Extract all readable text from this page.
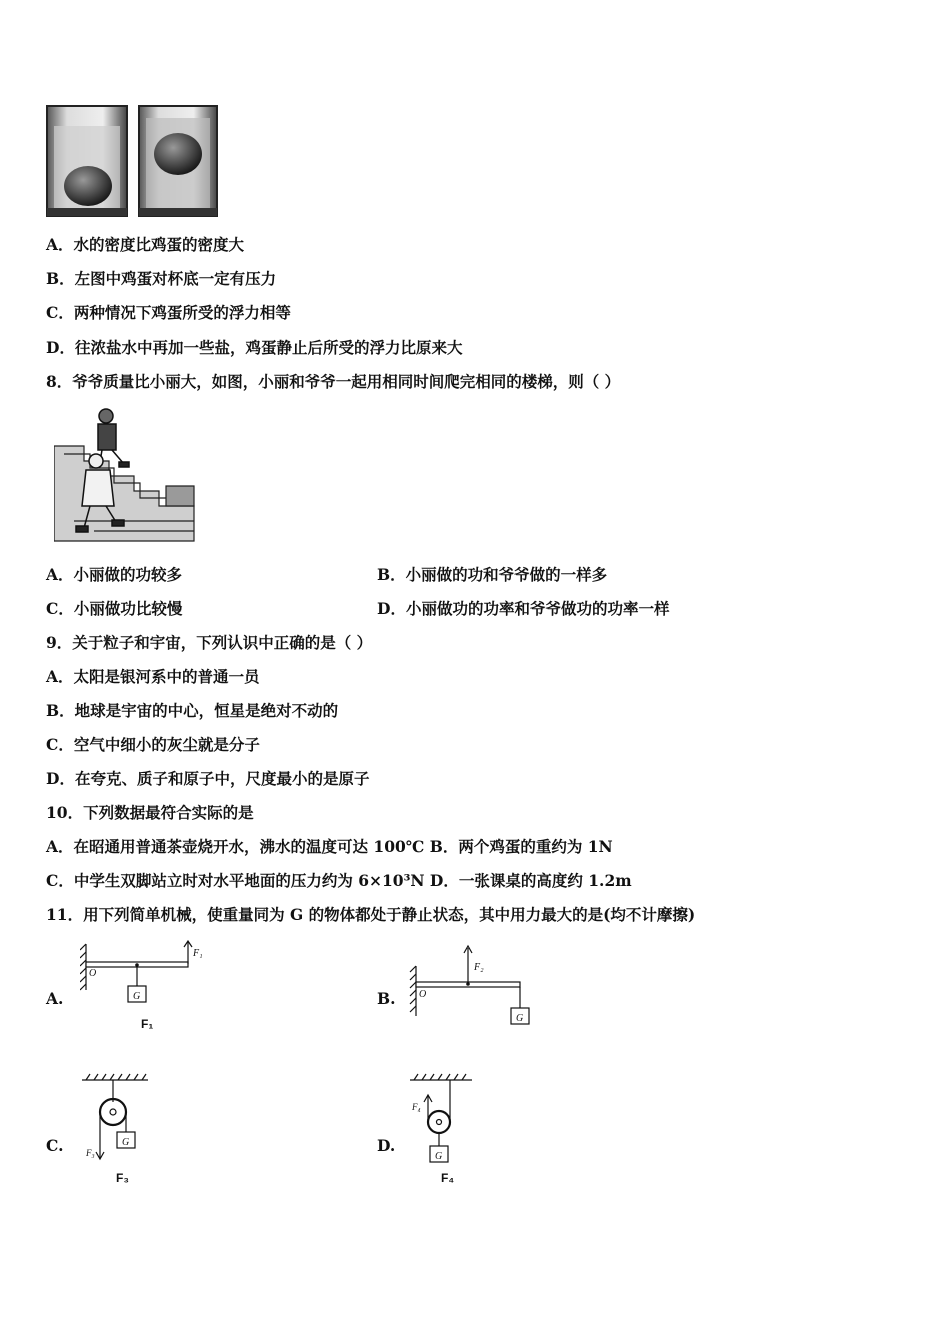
A．水的密度比鸡蛋的密度大
B．左图中鸡蛋对杯底一定有压力
C．两种情况下鸡蛋所受的浮力相等
D．往浓盐水中再加一些盐，鸡蛋静止后所受的浮力比原来大
8．爷爷质量比小丽大，如图，小丽和爷爷一起用相同时间爬完相同的楼梯，则（ ）
A．小丽做的功较多	B．小丽做的功和爷爷做的一样多
C．小丽做功比较慢	D．小丽做功的功率和爷爷做功的功率一样
9．关于粒子和宇宙，下列认识中正确的是（ ）
A．太阳是银河系中的普通一员
B．地球是宇宙的中心，恒星是绝对不动的
C．空气中细小的灰尘就是分子
D．在夸克、质子和原子中，尺度最小的是原子
10．下列数据最符合实际的是
A．在昭通用普通茶壶烧开水，沸水的温度可达 100℃ B．两个鸡蛋的重约为 1N
C．中学生双脚站立时对水平地面的压力约为 6×10³N D．一张课桌的高度约 1.2m
11．用下列简单机械，使重量同为 G 的物体都处于静止状态，其中用力最大的是(均不计摩擦)
A.
O
F₁
G
F₁
B. O
F₂
G
C.	G
F₃
F₃
D.
F₄
G
F₄
